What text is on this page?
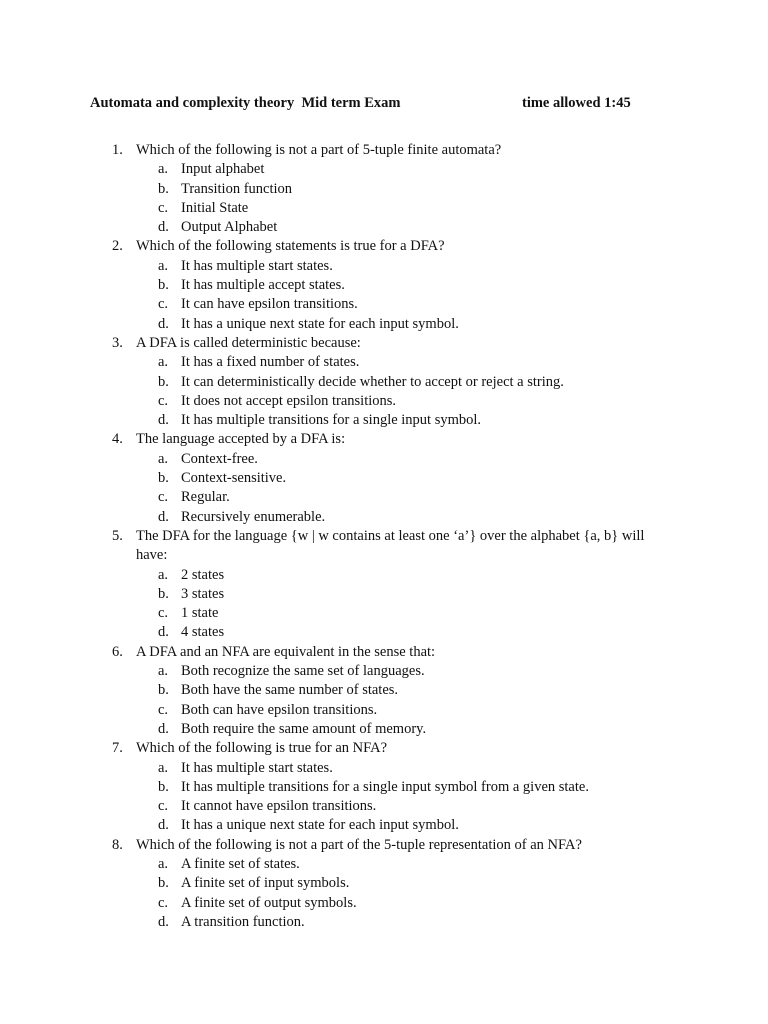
Automata and complexity theory  Mid term Exam	time allowed 1:45
1. Which of the following is not a part of 5-tuple finite automata?
a. Input alphabet
b. Transition function
c. Initial State
d. Output Alphabet
2. Which of the following statements is true for a DFA?
a. It has multiple start states.
b. It has multiple accept states.
c. It can have epsilon transitions.
d. It has a unique next state for each input symbol.
3. A DFA is called deterministic because:
a. It has a fixed number of states.
b. It can deterministically decide whether to accept or reject a string.
c. It does not accept epsilon transitions.
d. It has multiple transitions for a single input symbol.
4. The language accepted by a DFA is:
a. Context-free.
b. Context-sensitive.
c. Regular.
d. Recursively enumerable.
5. The DFA for the language {w | w contains at least one ‘a’} over the alphabet {a, b} will have:
a. 2 states
b. 3 states
c. 1 state
d. 4 states
6. A DFA and an NFA are equivalent in the sense that:
a. Both recognize the same set of languages.
b. Both have the same number of states.
c. Both can have epsilon transitions.
d. Both require the same amount of memory.
7. Which of the following is true for an NFA?
a. It has multiple start states.
b. It has multiple transitions for a single input symbol from a given state.
c. It cannot have epsilon transitions.
d. It has a unique next state for each input symbol.
8. Which of the following is not a part of the 5-tuple representation of an NFA?
a. A finite set of states.
b. A finite set of input symbols.
c. A finite set of output symbols.
d. A transition function.
